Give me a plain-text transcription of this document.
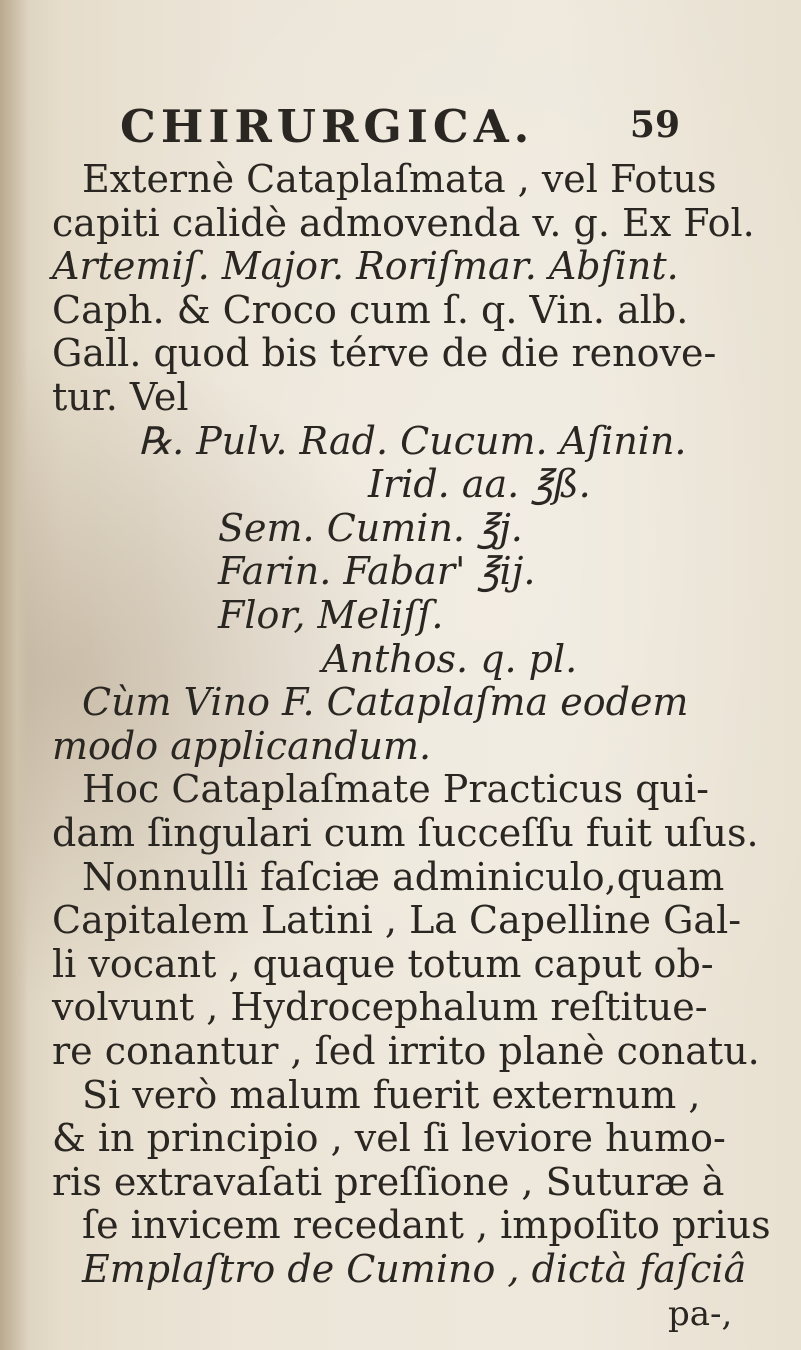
CHIRURGICA.	59
Externè Cataplaſmata , vel Fotus
capiti calidè admovenda v. g. Ex Fol.
Artemiſ. Major. Roriſmar. Abſint.
Caph. & Croco cum ſ. q. Vin. alb.
Gall. quod bis térve de die renove-
tur. Vel
℞. Pulv. Rad. Cucum. Aſinin.
Irid. aa. ℥ß.
Sem. Cumin. ℥j.
Farin. Fabar' ℥ij.
Flor, Meliſſ.
Anthos. q. pl.
Cùm Vino F. Cataplaſma eodem
modo applicandum.
Hoc Cataplaſmate Practicus qui-
dam ſingulari cum ſucceſſu fuit uſus.
Nonnulli faſciæ adminiculo,quam
Capitalem Latini , La Capelline Gal-
li vocant , quaque totum caput ob-
volvunt , Hydrocephalum reſtitue-
re conantur , ſed irrito planè conatu.
Si verò malum fuerit externum ,
& in principio , vel ſi leviore humo-
ris extravaſati preſſione , Suturæ à
ſe invicem recedant , impoſito prius
Emplaſtro de Cumino , dictà faſciâ
pa-,
